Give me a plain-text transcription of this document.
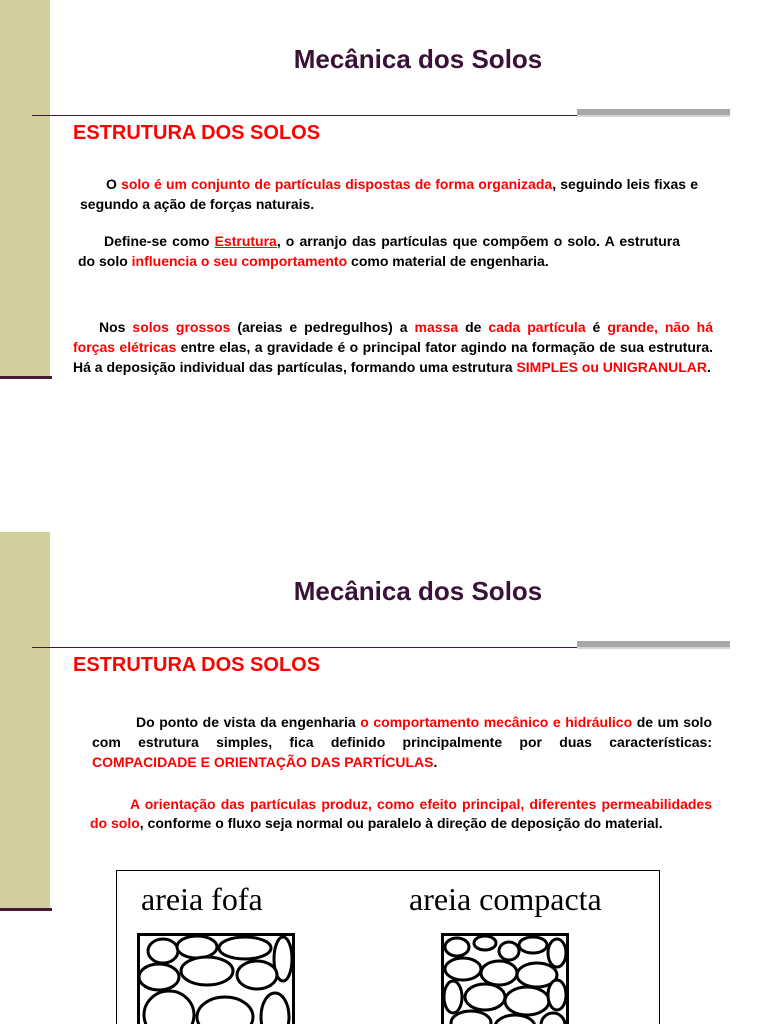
Mecânica dos Solos
ESTRUTURA DOS SOLOS
O solo é um conjunto de partículas dispostas de forma organizada, seguindo leis fixas e segundo a ação de forças naturais.
Define-se como Estrutura, o arranjo das partículas que compõem o solo. A estrutura do solo influencia o seu comportamento como material de engenharia.
Nos solos grossos (areias e pedregulhos) a massa de cada partícula é grande, não há forças elétricas entre elas, a gravidade é o principal fator agindo na formação de sua estrutura. Há a deposição individual das partículas, formando uma estrutura SIMPLES ou UNIGRANULAR.
Mecânica dos Solos
ESTRUTURA DOS SOLOS
Do ponto de vista da engenharia o comportamento mecânico e hidráulico de um solo com estrutura simples, fica definido principalmente por duas características: COMPACIDADE E ORIENTAÇÃO DAS PARTÍCULAS.
A orientação das partículas produz, como efeito principal, diferentes permeabilidades do solo, conforme o fluxo seja normal ou paralelo à direção de deposição do material.
areia fofa	areia compacta
